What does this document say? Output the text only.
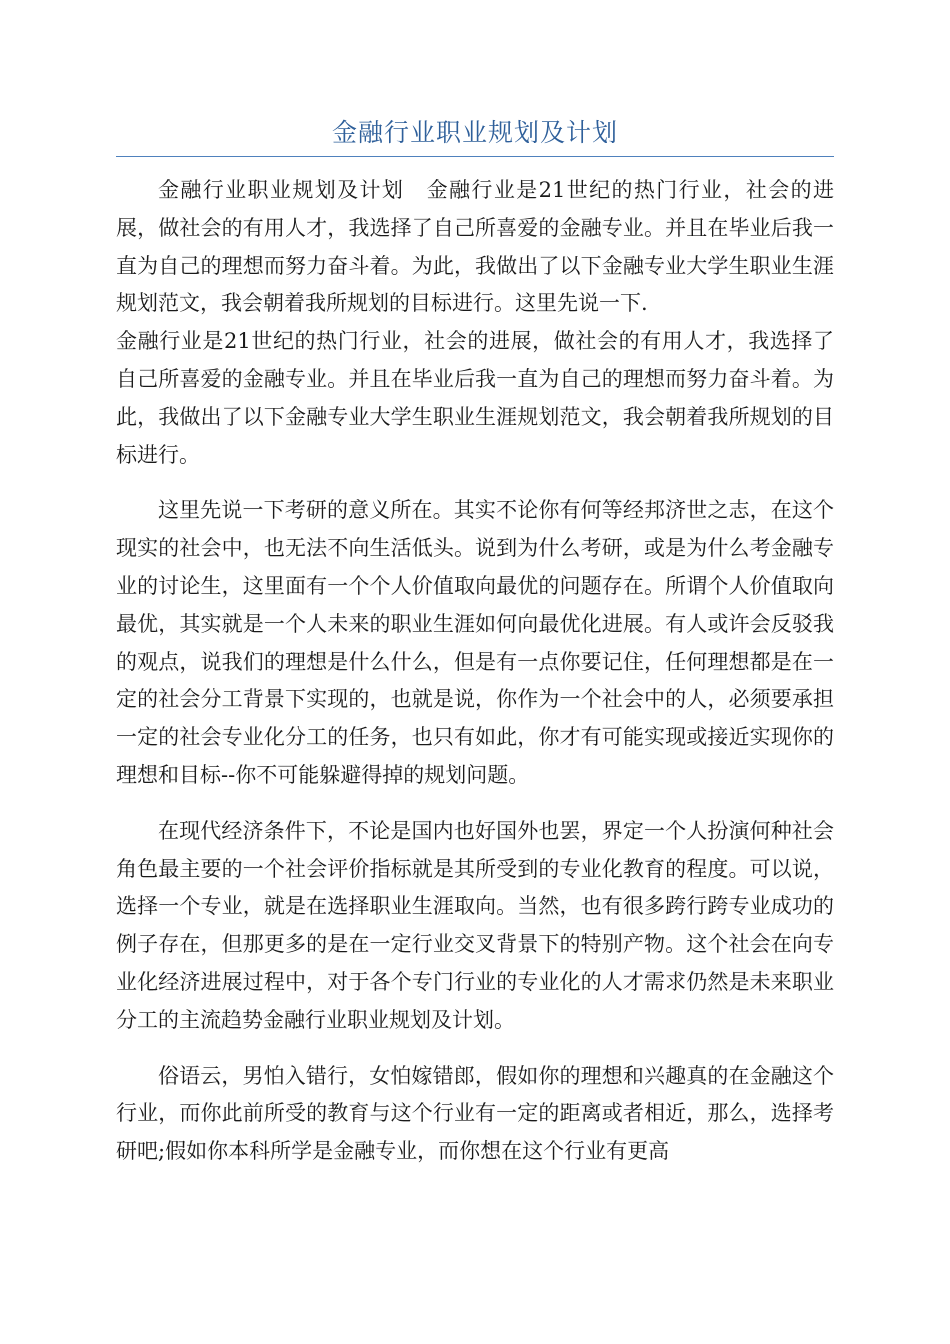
金融行业职业规划及计划

金融行业职业规划及计划　金融行业是21世纪的热门行业，社会的进展，做社会的有用人才，我选择了自己所喜爱的金融专业。并且在毕业后我一直为自己的理想而努力奋斗着。为此，我做出了以下金融专业大学生职业生涯规划范文，我会朝着我所规划的目标进行。这里先说一下.

金融行业是21世纪的热门行业，社会的进展，做社会的有用人才，我选择了自己所喜爱的金融专业。并且在毕业后我一直为自己的理想而努力奋斗着。为此，我做出了以下金融专业大学生职业生涯规划范文，我会朝着我所规划的目标进行。

这里先说一下考研的意义所在。其实不论你有何等经邦济世之志，在这个现实的社会中，也无法不向生活低头。说到为什么考研，或是为什么考金融专业的讨论生，这里面有一个个人价值取向最优的问题存在。所谓个人价值取向最优，其实就是一个人未来的职业生涯如何向最优化进展。有人或许会反驳我的观点，说我们的理想是什么什么，但是有一点你要记住，任何理想都是在一定的社会分工背景下实现的，也就是说，你作为一个社会中的人，必须要承担一定的社会专业化分工的任务，也只有如此，你才有可能实现或接近实现你的理想和目标--你不可能躲避得掉的规划问题。

在现代经济条件下，不论是国内也好国外也罢，界定一个人扮演何种社会角色最主要的一个社会评价指标就是其所受到的专业化教育的程度。可以说，选择一个专业，就是在选择职业生涯取向。当然，也有很多跨行跨专业成功的例子存在，但那更多的是在一定行业交叉背景下的特别产物。这个社会在向专业化经济进展过程中，对于各个专门行业的专业化的人才需求仍然是未来职业分工的主流趋势金融行业职业规划及计划。

俗语云，男怕入错行，女怕嫁错郎，假如你的理想和兴趣真的在金融这个行业，而你此前所受的教育与这个行业有一定的距离或者相近，那么，选择考研吧;假如你本科所学是金融专业，而你想在这个行业有更高
